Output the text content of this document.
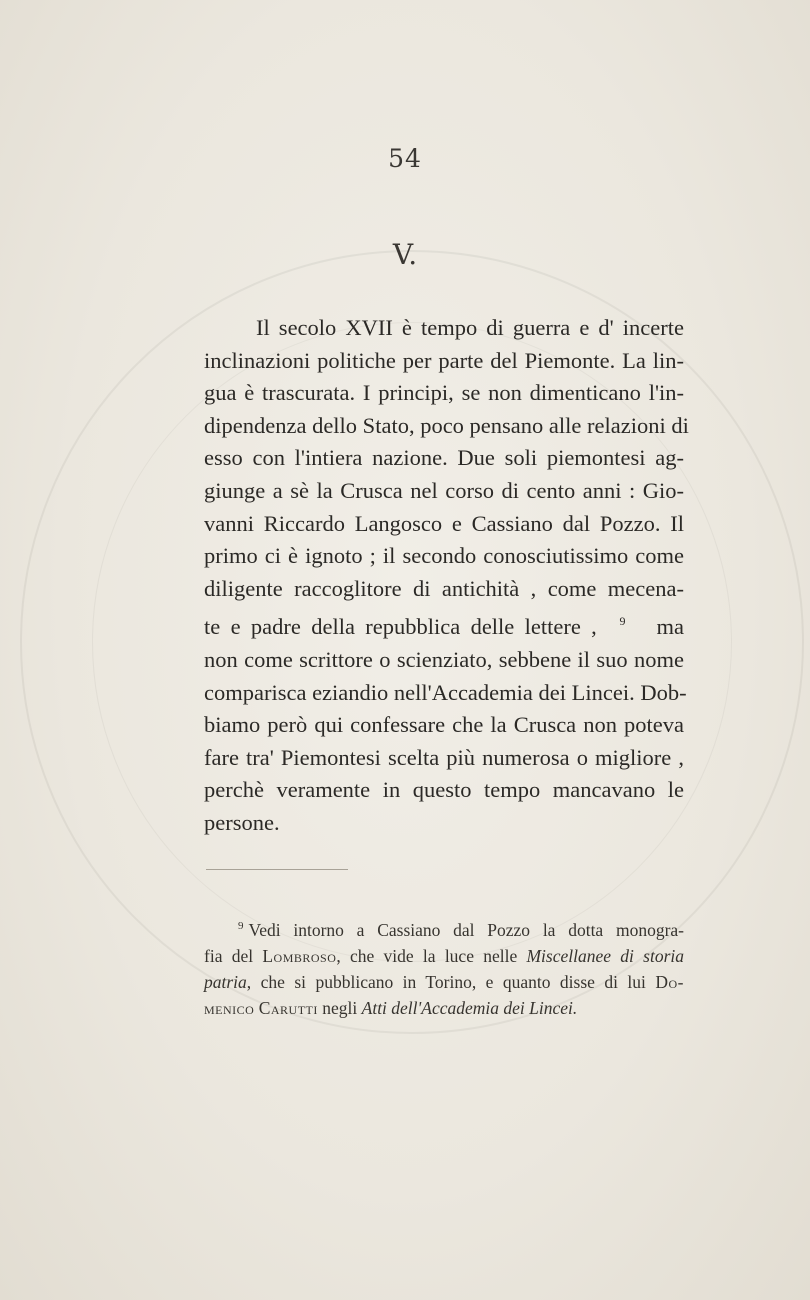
54
V.

Il secolo XVII è tempo di guerra e d' incerte
inclinazioni politiche per parte del Piemonte. La lin-
gua è trascurata. I principi, se non dimenticano l'in-
dipendenza dello Stato, poco pensano alle relazioni di
esso con l'intiera nazione. Due soli piemontesi ag-
giunge a sè la Crusca nel corso di cento anni : Gio-
vanni Riccardo Langosco e Cassiano dal Pozzo. Il
primo ci è ignoto ; il secondo conosciutissimo come
diligente raccoglitore di antichità , come mecena-
te e padre della repubblica delle lettere , $^9$ ma
non come scrittore o scienziato, sebbene il suo nome
comparisca eziandio nell'Accademia dei Lincei. Dob-
biamo però qui confessare che la Crusca non poteva
fare tra' Piemontesi scelta più numerosa o migliore ,
perchè veramente in questo tempo mancavano le
persone.

$^9$ Vedi intorno a Cassiano dal Pozzo la dotta monogra-
fia del Lombroso, che vide la luce nelle Miscellanee di storia
patria, che si pubblicano in Torino, e quanto disse di lui Do-
menico Carutti negli Atti dell'Accademia dei Lincei.
